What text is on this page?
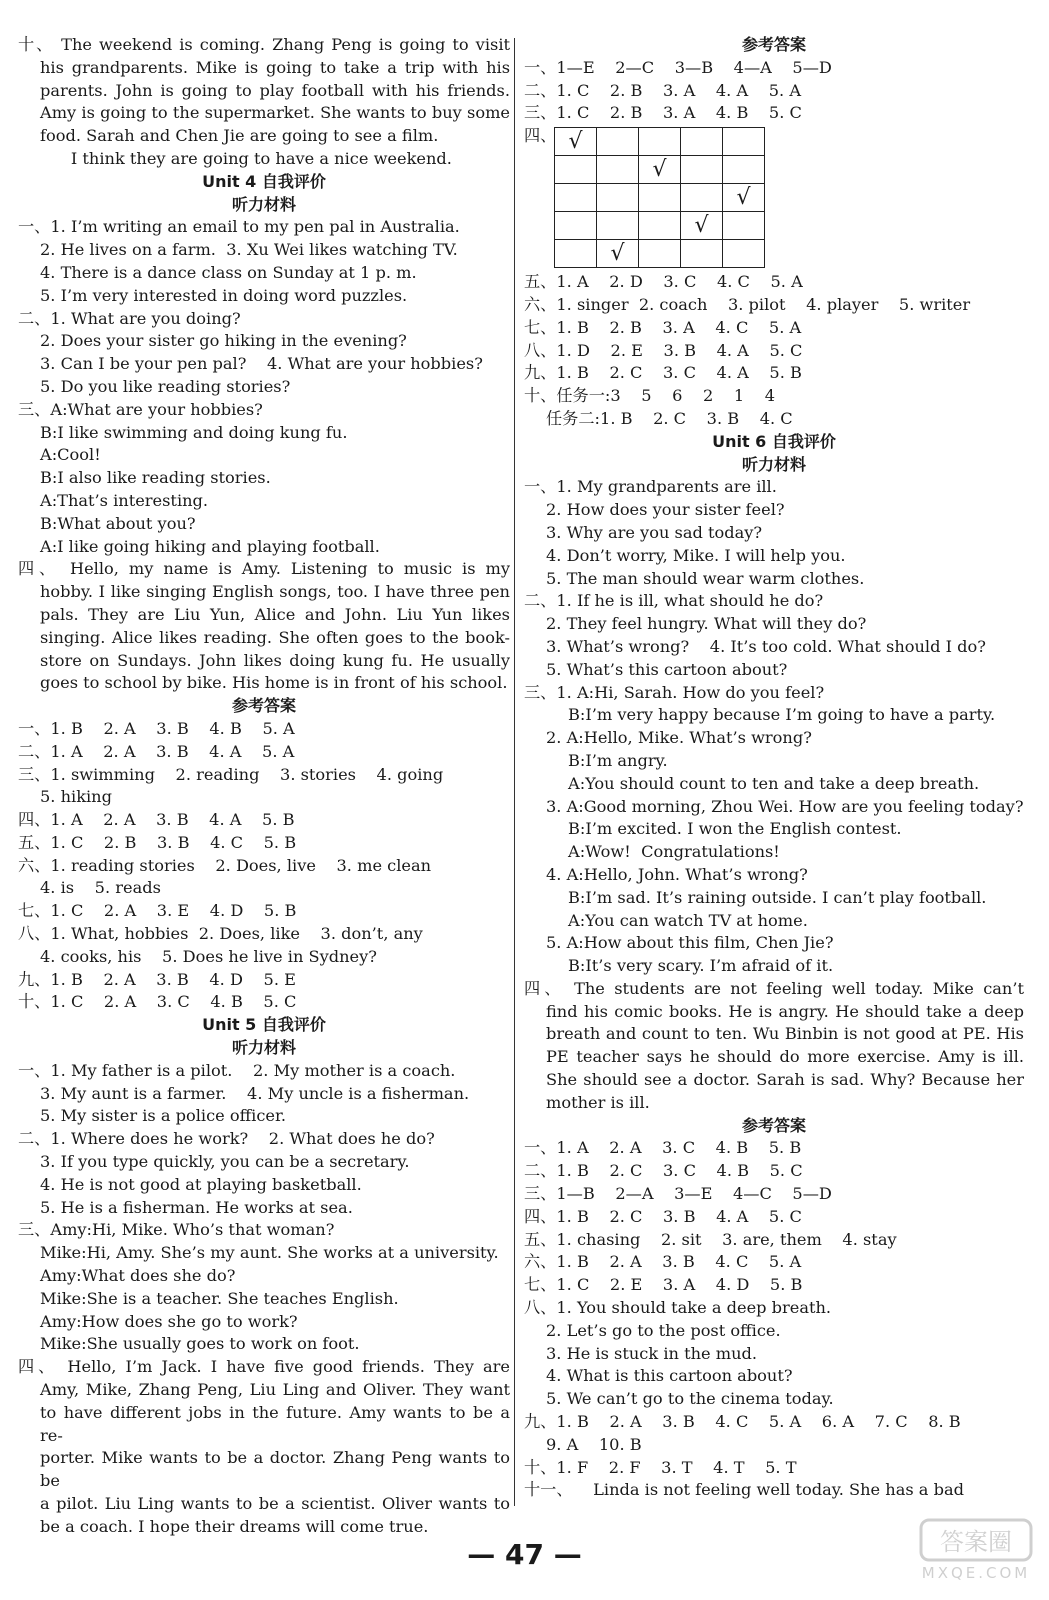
十、 The weekend is coming. Zhang Peng is going to visit
his grandparents. Mike is going to take a trip with his
parents. John is going to play football with his friends.
Amy is going to the supermarket. She wants to buy some
food. Sarah and Chen Jie are going to see a film.
I think they are going to have a nice weekend.
Unit 4 自我评价
听力材料
一、1. I’m writing an email to my pen pal in Australia.
2. He lives on a farm.  3. Xu Wei likes watching TV.
4. There is a dance class on Sunday at 1 p. m.
5. I’m very interested in doing word puzzles.
二、1. What are you doing?
2. Does your sister go hiking in the evening?
3. Can I be your pen pal?    4. What are your hobbies?
5. Do you like reading stories?
三、A:What are your hobbies?
B:I like swimming and doing kung fu.
A:Cool!
B:I also like reading stories.
A:That’s interesting.
B:What about you?
A:I like going hiking and playing football.
四、 Hello, my name is Amy. Listening to music is my
hobby. I like singing English songs, too. I have three pen
pals. They are Liu Yun, Alice and John. Liu Yun likes
singing. Alice likes reading. She often goes to the book-
store on Sundays. John likes doing kung fu. He usually
goes to school by bike. His home is in front of his school.
参考答案
一、1. B    2. A    3. B    4. B    5. A
二、1. A    2. A    3. B    4. A    5. A
三、1. swimming    2. reading    3. stories    4. going
5. hiking
四、1. A    2. A    3. B    4. A    5. B
五、1. C    2. B    3. B    4. C    5. B
六、1. reading stories    2. Does, live    3. me clean
4. is    5. reads
七、1. C    2. A    3. E    4. D    5. B
八、1. What, hobbies  2. Does, like    3. don’t, any
4. cooks, his    5. Does he live in Sydney?
九、1. B    2. A    3. B    4. D    5. E
十、1. C    2. A    3. C    4. B    5. C
Unit 5 自我评价
听力材料
一、1. My father is a pilot.    2. My mother is a coach.
3. My aunt is a farmer.    4. My uncle is a fisherman.
5. My sister is a police officer.
二、1. Where does he work?    2. What does he do?
3. If you type quickly, you can be a secretary.
4. He is not good at playing basketball.
5. He is a fisherman. He works at sea.
三、Amy:Hi, Mike. Who’s that woman?
Mike:Hi, Amy. She’s my aunt. She works at a university.
Amy:What does she do?
Mike:She is a teacher. She teaches English.
Amy:How does she go to work?
Mike:She usually goes to work on foot.
四、 Hello, I’m Jack. I have five good friends. They are
Amy, Mike, Zhang Peng, Liu Ling and Oliver. They want
to have different jobs in the future. Amy wants to be a re-
porter. Mike wants to be a doctor. Zhang Peng wants to be
a pilot. Liu Ling wants to be a scientist. Oliver wants to
be a coach. I hope their dreams will come true.
参考答案
一、1—E    2—C    3—B    4—A    5—D
二、1. C    2. B    3. A    4. A    5. A
三、1. C    2. B    3. A    4. B    5. C
四、 √				
		√		
				√
			√	
	√			
五、1. A    2. D    3. C    4. C    5. A
六、1. singer  2. coach    3. pilot    4. player    5. writer
七、1. B    2. B    3. A    4. C    5. A
八、1. D    2. E    3. B    4. A    5. C
九、1. B    2. C    3. C    4. A    5. B
十、任务一:3    5    6    2    1    4
任务二:1. B    2. C    3. B    4. C
Unit 6 自我评价
听力材料
一、1. My grandparents are ill.
2. How does your sister feel?
3. Why are you sad today?
4. Don’t worry, Mike. I will help you.
5. The man should wear warm clothes.
二、1. If he is ill, what should he do?
2. They feel hungry. What will they do?
3. What’s wrong?    4. It’s too cold. What should I do?
5. What’s this cartoon about?
三、1. A:Hi, Sarah. How do you feel?
B:I’m very happy because I’m going to have a party.
2. A:Hello, Mike. What’s wrong?
B:I’m angry.
A:You should count to ten and take a deep breath.
3. A:Good morning, Zhou Wei. How are you feeling today?
B:I’m excited. I won the English contest.
A:Wow!  Congratulations!
4. A:Hello, John. What’s wrong?
B:I’m sad. It’s raining outside. I can’t play football.
A:You can watch TV at home.
5. A:How about this film, Chen Jie?
B:It’s very scary. I’m afraid of it.
四、 The students are not feeling well today. Mike can’t
find his comic books. He is angry. He should take a deep
breath and count to ten. Wu Binbin is not good at PE. His
PE teacher says he should do more exercise. Amy is ill.
She should see a doctor. Sarah is sad. Why? Because her
mother is ill.
参考答案
一、1. A    2. A    3. C    4. B    5. B
二、1. B    2. C    3. C    4. B    5. C
三、1—B    2—A    3—E    4—C    5—D
四、1. B    2. C    3. B    4. A    5. C
五、1. chasing    2. sit    3. are, them    4. stay
六、1. B    2. A    3. B    4. C    5. A
七、1. C    2. E    3. A    4. D    5. B
八、1. You should take a deep breath.
2. Let’s go to the post office.
3. He is stuck in the mud.
4. What is this cartoon about?
5. We can’t go to the cinema today.
九、1. B    2. A    3. B    4. C    5. A    6. A    7. C    8. B
9. A    10. B
十、1. F    2. F    3. T    4. T    5. T
十一、    Linda is not feeling well today. She has a bad
— 47 —	答案圈
MXQE.COM
